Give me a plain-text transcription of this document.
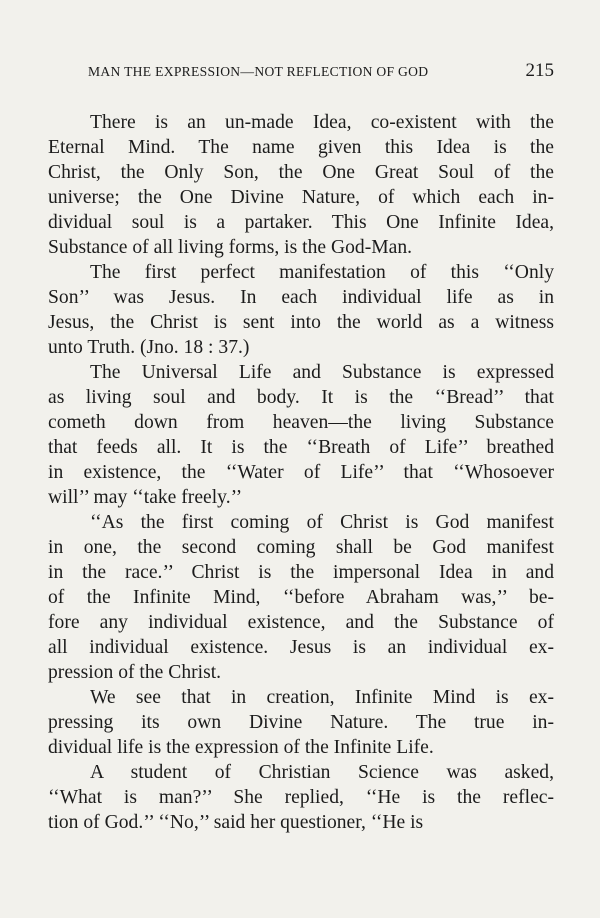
MAN THE EXPRESSION—NOT REFLECTION OF GOD	215
There is an un-made Idea, co-existent with the
Eternal Mind. The name given this Idea is the
Christ, the Only Son, the One Great Soul of the
universe; the One Divine Nature, of which each in-
dividual soul is a partaker. This One Infinite Idea,
Substance of all living forms, is the God-Man.
The first perfect manifestation of this ‘‘Only
Son’’ was Jesus. In each individual life as in
Jesus, the Christ is sent into the world as a witness
unto Truth. (Jno. 18 : 37.)
The Universal Life and Substance is expressed
as living soul and body. It is the ‘‘Bread’’ that
cometh down from heaven—the living Substance
that feeds all. It is the ‘‘Breath of Life’’ breathed
in existence, the ‘‘Water of Life’’ that ‘‘Whosoever
will’’ may ‘‘take freely.’’
‘‘As the first coming of Christ is God manifest
in one, the second coming shall be God manifest
in the race.’’ Christ is the impersonal Idea in and
of the Infinite Mind, ‘‘before Abraham was,’’ be-
fore any individual existence, and the Substance of
all individual existence. Jesus is an individual ex-
pression of the Christ.
We see that in creation, Infinite Mind is ex-
pressing its own Divine Nature. The true in-
dividual life is the expression of the Infinite Life.
A student of Christian Science was asked,
‘‘What is man?’’ She replied, ‘‘He is the reflec-
tion of God.’’ ‘‘No,’’ said her questioner, ‘‘He is
